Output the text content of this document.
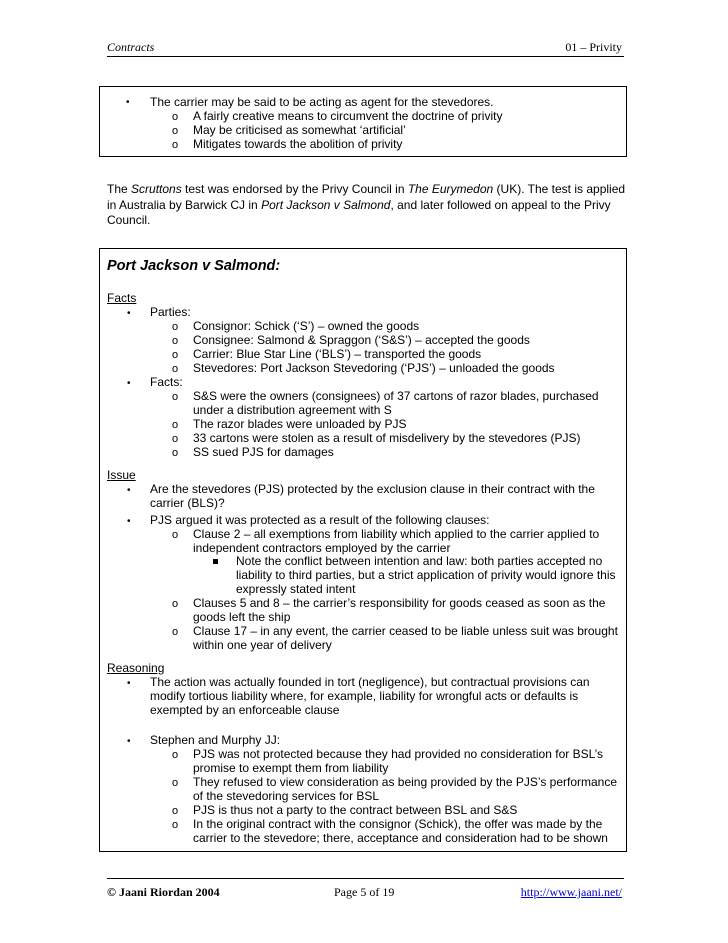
Contracts	01 – Privity
• The carrier may be said to be acting as agent for the stevedores.
o A fairly creative means to circumvent the doctrine of privity
o May be criticised as somewhat ‘artificial’
o Mitigates towards the abolition of privity
The Scruttons test was endorsed by the Privy Council in The Eurymedon (UK). The test is applied in Australia by Barwick CJ in Port Jackson v Salmond, and later followed on appeal to the Privy Council.
Port Jackson v Salmond:
Facts
• Parties:
o Consignor: Schick (‘S’) – owned the goods
o Consignee: Salmond & Spraggon (‘S&S’) – accepted the goods
o Carrier: Blue Star Line (‘BLS’) – transported the goods
o Stevedores: Port Jackson Stevedoring (‘PJS’) – unloaded the goods
• Facts:
o S&S were the owners (consignees) of 37 cartons of razor blades, purchased
under a distribution agreement with S
o The razor blades were unloaded by PJS
o 33 cartons were stolen as a result of misdelivery by the stevedores (PJS)
o SS sued PJS for damages
Issue
• Are the stevedores (PJS) protected by the exclusion clause in their contract with the
carrier (BLS)?
• PJS argued it was protected as a result of the following clauses:
o Clause 2 – all exemptions from liability which applied to the carrier applied to
independent contractors employed by the carrier
Note the conflict between intention and law: both parties accepted no
liability to third parties, but a strict application of privity would ignore this
expressly stated intent
o Clauses 5 and 8 – the carrier’s responsibility for goods ceased as soon as the
goods left the ship
o Clause 17 – in any event, the carrier ceased to be liable unless suit was brought
within one year of delivery
Reasoning
• The action was actually founded in tort (negligence), but contractual provisions can
modify tortious liability where, for example, liability for wrongful acts or defaults is
exempted by an enforceable clause
• Stephen and Murphy JJ:
o PJS was not protected because they had provided no consideration for BSL’s
promise to exempt them from liability
o They refused to view consideration as being provided by the PJS’s performance
of the stevedoring services for BSL
o PJS is thus not a party to the contract between BSL and S&S
o In the original contract with the consignor (Schick), the offer was made by the
carrier to the stevedore; there, acceptance and consideration had to be shown
© Jaani Riordan 2004	Page 5 of 19	http://www.jaani.net/
